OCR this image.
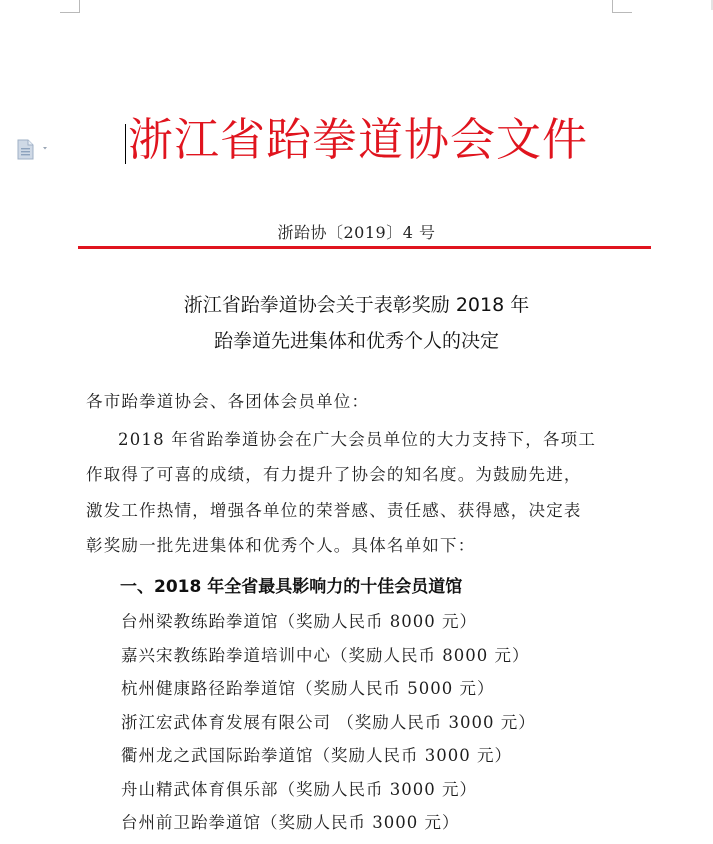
浙江省跆拳道协会文件
浙跆协〔2019〕4 号
浙江省跆拳道协会关于表彰奖励 2018 年
跆拳道先进集体和优秀个人的决定
各市跆拳道协会、各团体会员单位：
2018 年省跆拳道协会在广大会员单位的大力支持下，各项工
作取得了可喜的成绩，有力提升了协会的知名度。为鼓励先进，
激发工作热情，增强各单位的荣誉感、责任感、获得感，决定表
彰奖励一批先进集体和优秀个人。具体名单如下：
一、2018 年全省最具影响力的十佳会员道馆
台州梁教练跆拳道馆（奖励人民币 8000 元）
嘉兴宋教练跆拳道培训中心（奖励人民币 8000 元）
杭州健康路径跆拳道馆（奖励人民币 5000 元）
浙江宏武体育发展有限公司 （奖励人民币 3000 元）
衢州龙之武国际跆拳道馆（奖励人民币 3000 元）
舟山精武体育俱乐部（奖励人民币 3000 元）
台州前卫跆拳道馆（奖励人民币 3000 元）
